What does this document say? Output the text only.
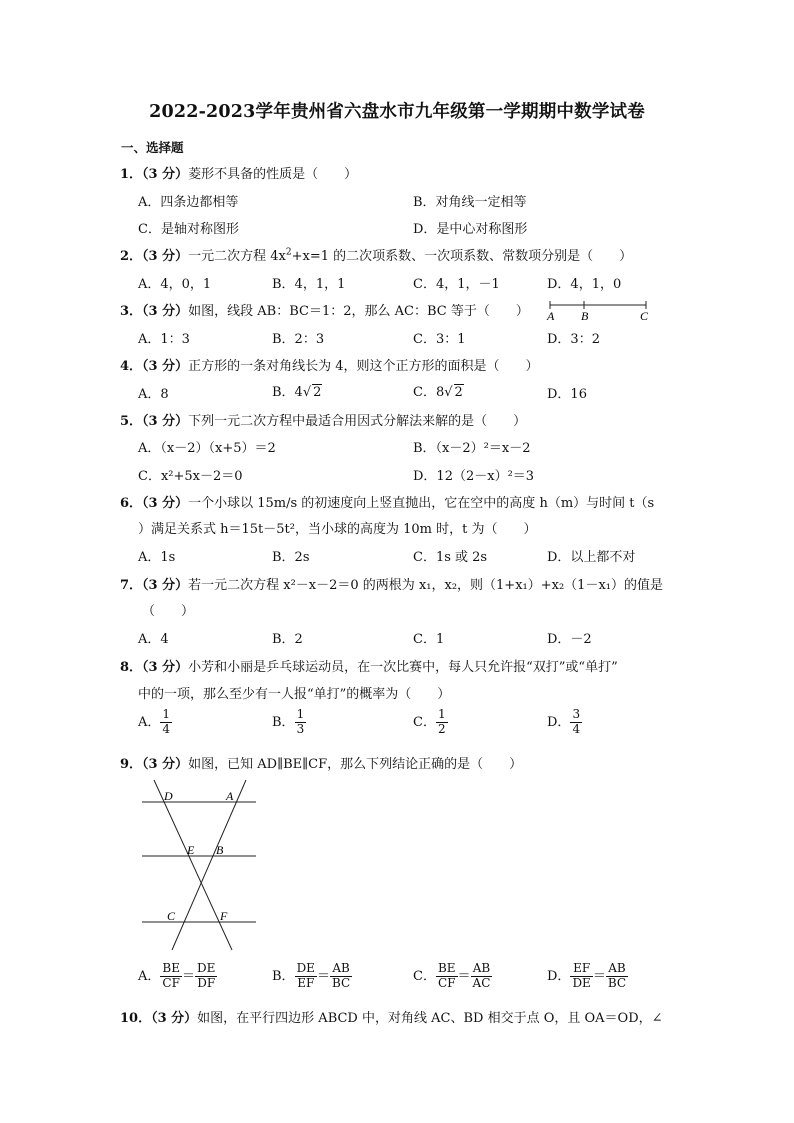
2022-2023学年贵州省六盘水市九年级第一学期期中数学试卷
一、选择题
1．（3 分）菱形不具备的性质是（　　）
A．四条边都相等	B．对角线一定相等
C．是轴对称图形	D．是中心对称图形
2．（3 分）一元二次方程 $4x^2+x=1$ 的二次项系数、一次项系数、常数项分别是（　　）
A．4，0，1	B．4，1，1	C．4，1，－1	D．4，1，0
3．（3 分）如图，线段 AB：BC＝1：2，那么 AC：BC 等于（　　） A B	C
A．1：3	B．2：3	C．3：1	D．3：2
4．（3 分）正方形的一条对角线长为 4，则这个正方形的面积是（　　）
A．8	B．4√ 2	C．8√ 2	D．16
5．（3 分）下列一元二次方程中最适合用因式分解法来解的是（　　）
A．（x－2）（x+5）＝2	B．（x－2）²＝x－2
C．x²+5x－2＝0	D．12（2－x）²＝3
6．（3 分）一个小球以 15m/s 的初速度向上竖直抛出，它在空中的高度 h（m）与时间 t（s
）满足关系式 h＝15t－5t²，当小球的高度为 10m 时，t 为（　　）
A．1s	B．2s	C．1s 或 2s	D．以上都不对
7．（3 分）若一元二次方程 x²－x－2＝0 的两根为 x₁，x₂，则（1+x₁）+x₂（1－x₁）的值是
（　　）
A．4	B．2	C．1	D．－2
8．（3 分）小芳和小丽是乒乓球运动员，在一次比赛中，每人只允许报“双打”或“单打”
中的一项，那么至少有一人报“单打”的概率为（　　）
A． $\frac{1}{4}$	B． $\frac{1}{3}$	C． $\frac{1}{2}$	D． $\frac{3}{4}$
9．（3 分）如图，已知 AD∥BE∥CF，那么下列结论正确的是（　　）
D	A
E B
C	F
A． $\frac{BE}{CF} = \frac{DE}{DF}$	B． $\frac{DE}{EF} = \frac{AB}{BC}$	C． $\frac{BE}{CF} = \frac{AB}{AC}$	D． $\frac{EF}{DE} = \frac{AB}{BC}$
10．（3 分）如图，在平行四边形 ABCD 中，对角线 AC、BD 相交于点 O，且 OA＝OD，∠
